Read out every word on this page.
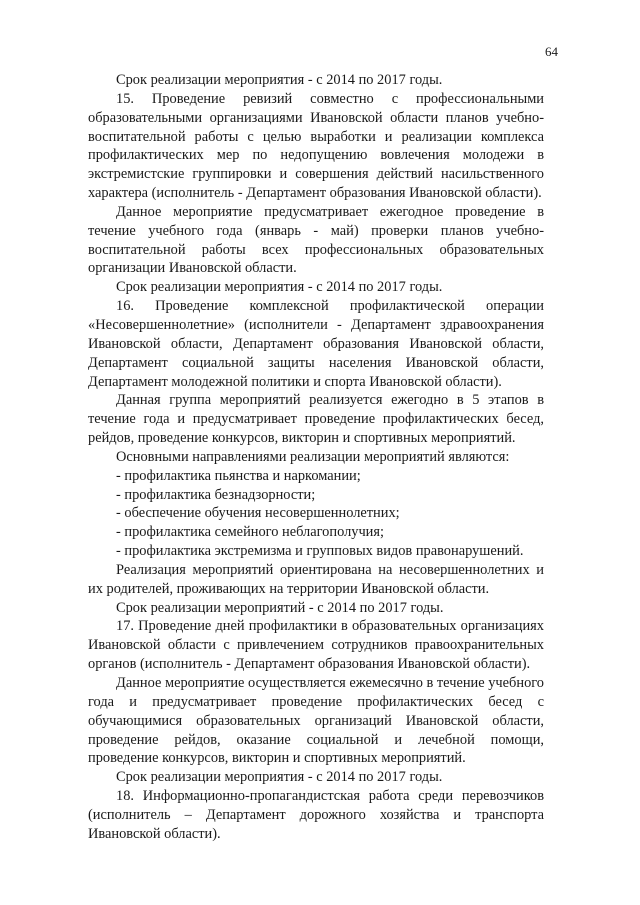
64

Срок реализации мероприятия - с 2014 по 2017 годы.

15. Проведение ревизий совместно с профессиональными образовательными организациями Ивановской области планов учебно-воспитательной работы с целью выработки и реализации комплекса профилактических мер по недопущению вовлечения молодежи в экстремистские группировки и совершения действий насильственного характера (исполнитель - Департамент образования Ивановской области).

Данное мероприятие предусматривает ежегодное проведение в течение учебного года (январь - май) проверки планов учебно-воспитательной работы всех профессиональных образовательных организации Ивановской области.

Срок реализации мероприятия - с 2014 по 2017 годы.

16. Проведение комплексной профилактической операции «Несовершеннолетние» (исполнители - Департамент здравоохранения Ивановской области, Департамент образования Ивановской области, Департамент социальной защиты населения Ивановской области, Департамент молодежной политики и спорта Ивановской области).

Данная группа мероприятий реализуется ежегодно в 5 этапов в течение года и предусматривает проведение профилактических бесед, рейдов, проведение конкурсов, викторин и спортивных мероприятий.

Основными направлениями реализации мероприятий являются:

- профилактика пьянства и наркомании;

- профилактика безнадзорности;

- обеспечение обучения несовершеннолетних;

- профилактика семейного неблагополучия;

- профилактика экстремизма и групповых видов правонарушений.

Реализация мероприятий ориентирована на несовершеннолетних и их родителей, проживающих на территории Ивановской области.

Срок реализации мероприятий - с 2014 по 2017 годы.

17. Проведение дней профилактики в образовательных организациях Ивановской области с привлечением сотрудников правоохранительных органов (исполнитель - Департамент образования Ивановской области).

Данное мероприятие осуществляется ежемесячно в течение учебного года и предусматривает проведение профилактических бесед с обучающимися образовательных организаций Ивановской области, проведение рейдов, оказание социальной и лечебной помощи, проведение конкурсов, викторин и спортивных мероприятий.

Срок реализации мероприятия - с 2014 по 2017 годы.

18. Информационно-пропагандистская работа среди перевозчиков (исполнитель – Департамент дорожного хозяйства и транспорта Ивановской области).
